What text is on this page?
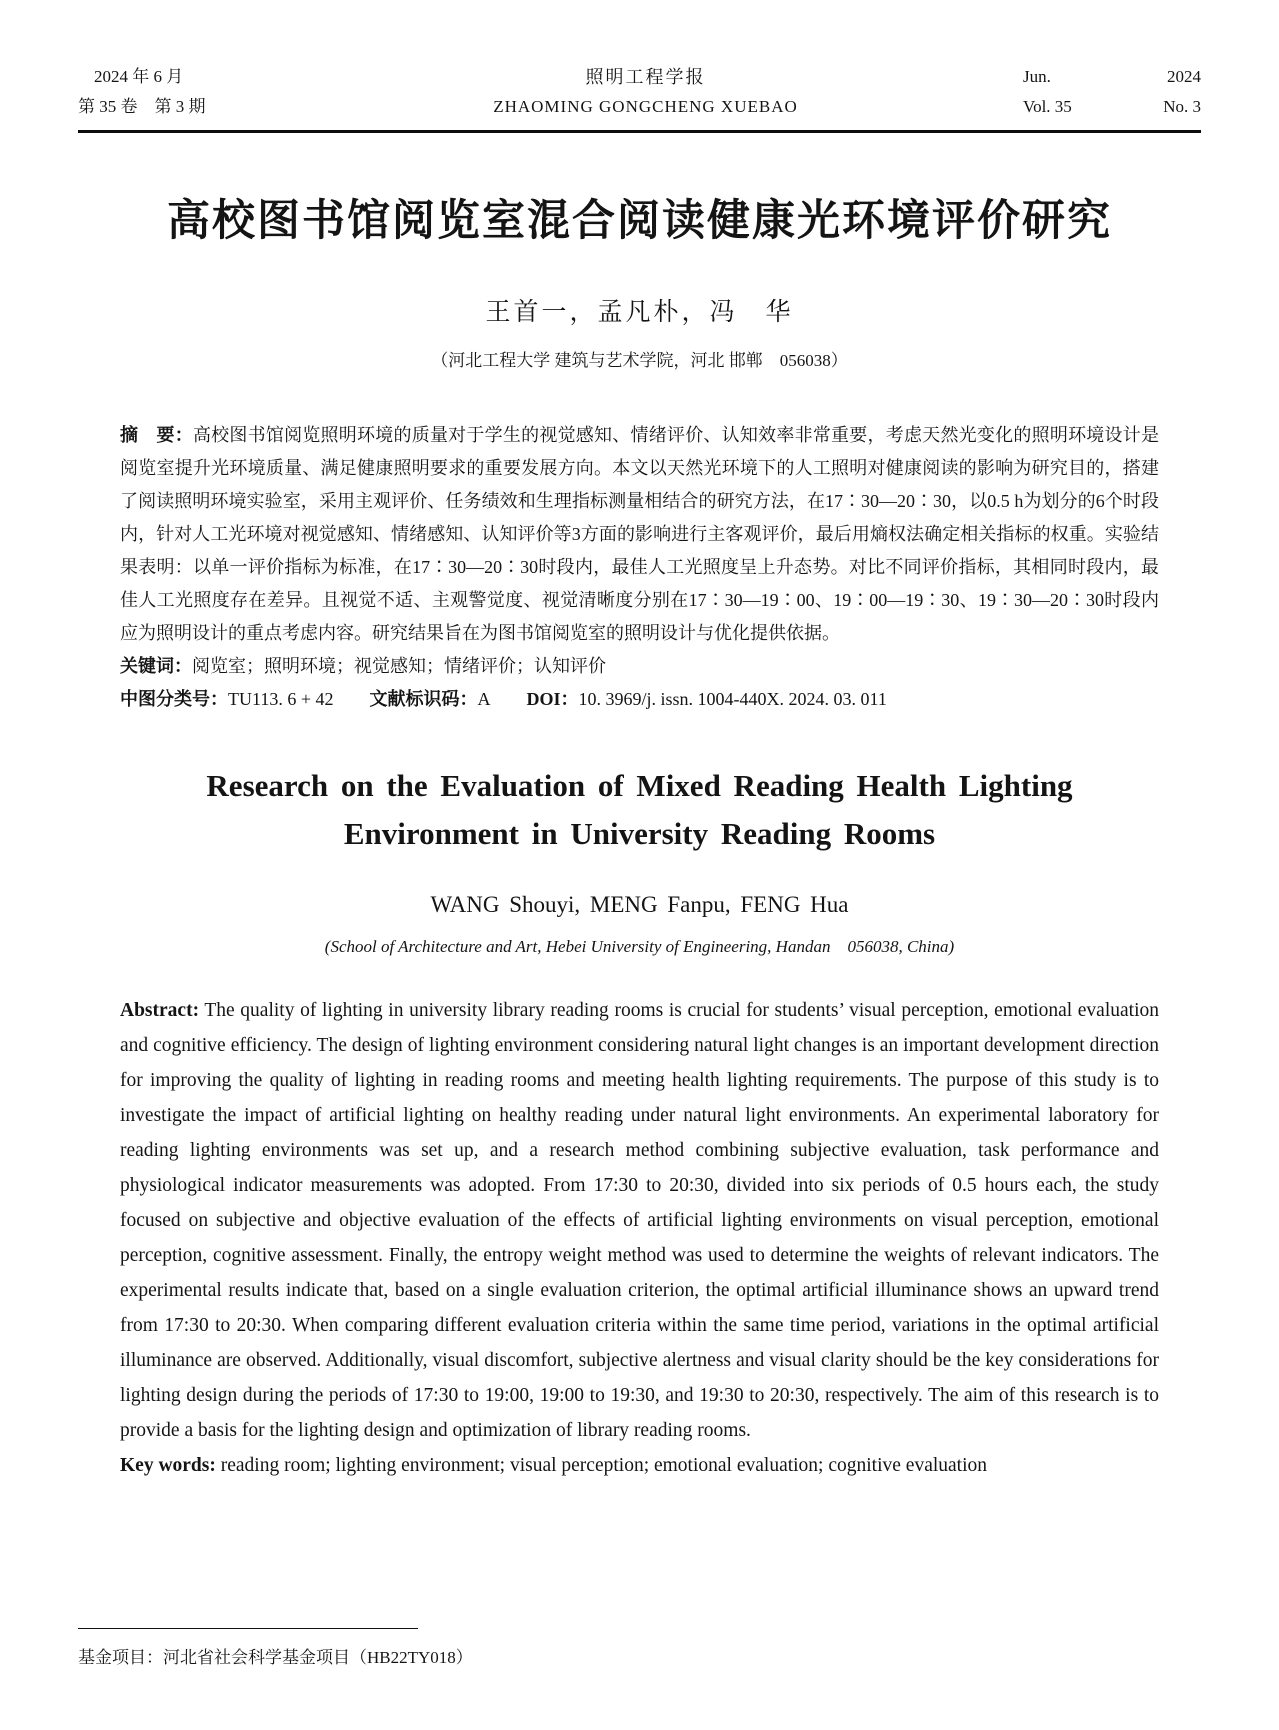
2024 年 6 月
第 35 卷　第 3 期
照明工程学报
ZHAOMING GONGCHENG XUEBAO
Jun.	2024
Vol. 35	No. 3
高校图书馆阅览室混合阅读健康光环境评价研究
王首一，孟凡朴，冯　华
（河北工程大学 建筑与艺术学院，河北 邯郸　056038）

摘　要：高校图书馆阅览照明环境的质量对于学生的视觉感知、情绪评价、认知效率非常重要，考虑天然光变化的照明环境设计是阅览室提升光环境质量、满足健康照明要求的重要发展方向。本文以天然光环境下的人工照明对健康阅读的影响为研究目的，搭建了阅读照明环境实验室，采用主观评价、任务绩效和生理指标测量相结合的研究方法，在17∶30—20∶30，以0.5 h为划分的6个时段内，针对人工光环境对视觉感知、情绪感知、认知评价等3方面的影响进行主客观评价，最后用熵权法确定相关指标的权重。实验结果表明：以单一评价指标为标准，在17∶30—20∶30时段内，最佳人工光照度呈上升态势。对比不同评价指标，其相同时段内，最佳人工光照度存在差异。且视觉不适、主观警觉度、视觉清晰度分别在17∶30—19∶00、19∶00—19∶30、19∶30—20∶30时段内应为照明设计的重点考虑内容。研究结果旨在为图书馆阅览室的照明设计与优化提供依据。

关键词：阅览室；照明环境；视觉感知；情绪评价；认知评价

中图分类号：TU113. 6 + 42 文献标识码：A DOI：10. 3969/j. issn. 1004-440X. 2024. 03. 011

Research on the Evaluation of Mixed Reading Health Lighting
Environment in University Reading Rooms
WANG Shouyi, MENG Fanpu, FENG Hua
(School of Architecture and Art, Hebei University of Engineering, Handan　056038, China)

Abstract: The quality of lighting in university library reading rooms is crucial for students’ visual perception, emotional evaluation and cognitive efficiency. The design of lighting environment considering natural light changes is an important development direction for improving the quality of lighting in reading rooms and meeting health lighting requirements. The purpose of this study is to investigate the impact of artificial lighting on healthy reading under natural light environments. An experimental laboratory for reading lighting environments was set up, and a research method combining subjective evaluation, task performance and physiological indicator measurements was adopted. From 17:30 to 20:30, divided into six periods of 0.5 hours each, the study focused on subjective and objective evaluation of the effects of artificial lighting environments on visual perception, emotional perception, cognitive assessment. Finally, the entropy weight method was used to determine the weights of relevant indicators. The experimental results indicate that, based on a single evaluation criterion, the optimal artificial illuminance shows an upward trend from 17:30 to 20:30. When comparing different evaluation criteria within the same time period, variations in the optimal artificial illuminance are observed. Additionally, visual discomfort, subjective alertness and visual clarity should be the key considerations for lighting design during the periods of 17:30 to 19:00, 19:00 to 19:30, and 19:30 to 20:30, respectively. The aim of this research is to provide a basis for the lighting design and optimization of library reading rooms.

Key words: reading room; lighting environment; visual perception; emotional evaluation; cognitive evaluation

基金项目：河北省社会科学基金项目（HB22TY018）
